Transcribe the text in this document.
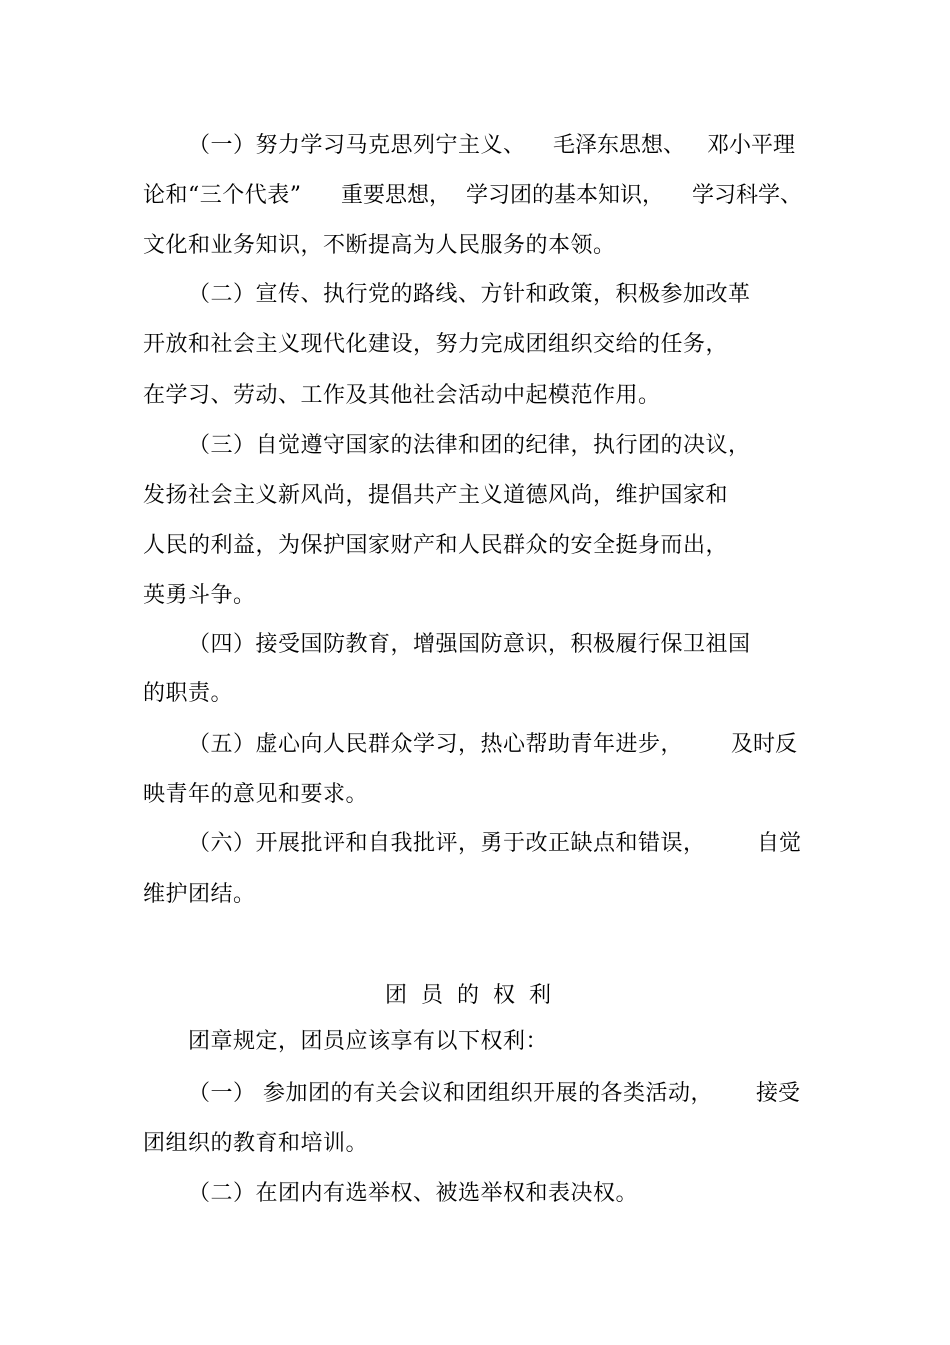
（一）努力学习马克思列宁主义、 毛泽东思想、 邓小平理
论和“三个代表” 重要思想， 学习团的基本知识， 学习科学、
文化和业务知识，不断提高为人民服务的本领。
（二）宣传、执行党的路线、方针和政策，积极参加改革
开放和社会主义现代化建设，努力完成团组织交给的任务，
在学习、劳动、工作及其他社会活动中起模范作用。
（三）自觉遵守国家的法律和团的纪律，执行团的决议，
发扬社会主义新风尚，提倡共产主义道德风尚，维护国家和
人民的利益，为保护国家财产和人民群众的安全挺身而出，
英勇斗争。
（四）接受国防教育，增强国防意识，积极履行保卫祖国
的职责。
（五）虚心向人民群众学习，热心帮助青年进步， 及时反
映青年的意见和要求。
（六）开展批评和自我批评，勇于改正缺点和错误， 自觉
维护团结。
团员的权利
团章规定，团员应该享有以下权利：
（一） 参加团的有关会议和团组织开展的各类活动， 接受
团组织的教育和培训。
（二）在团内有选举权、被选举权和表决权。
